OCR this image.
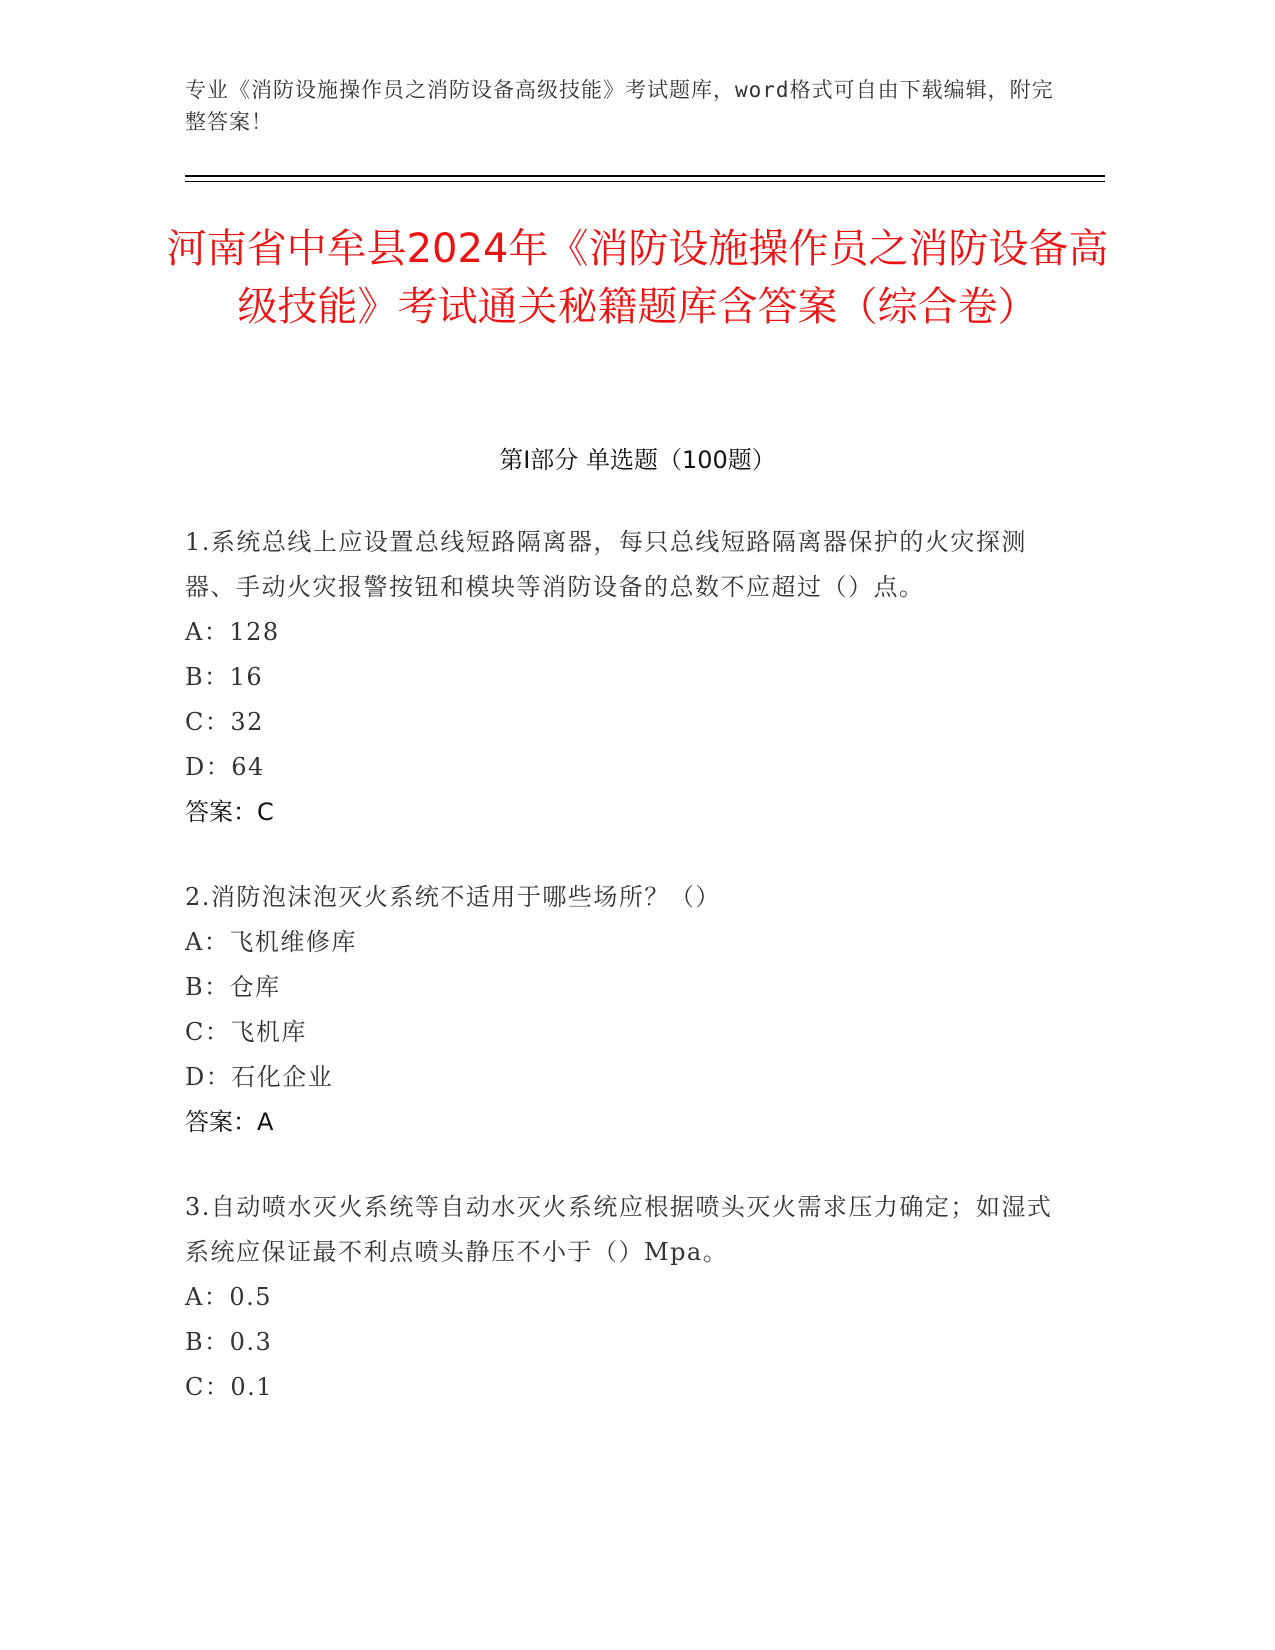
专业《消防设施操作员之消防设备高级技能》考试题库，word格式可自由下载编辑，附完整答案！
河南省中牟县2024年《消防设施操作员之消防设备高级技能》考试通关秘籍题库含答案（综合卷）
第Ⅰ部分 单选题（100题）
1.系统总线上应设置总线短路隔离器，每只总线短路隔离器保护的火灾探测器、手动火灾报警按钮和模块等消防设备的总数不应超过（）点。
A：128
B：16
C：32
D：64
答案：C
2.消防泡沫泡灭火系统不适用于哪些场所？（）
A：飞机维修库
B：仓库
C：飞机库
D：石化企业
答案：A
3.自动喷水灭火系统等自动水灭火系统应根据喷头灭火需求压力确定；如湿式系统应保证最不利点喷头静压不小于（）Mpa。
A：0.5
B：0.3
C：0.1
